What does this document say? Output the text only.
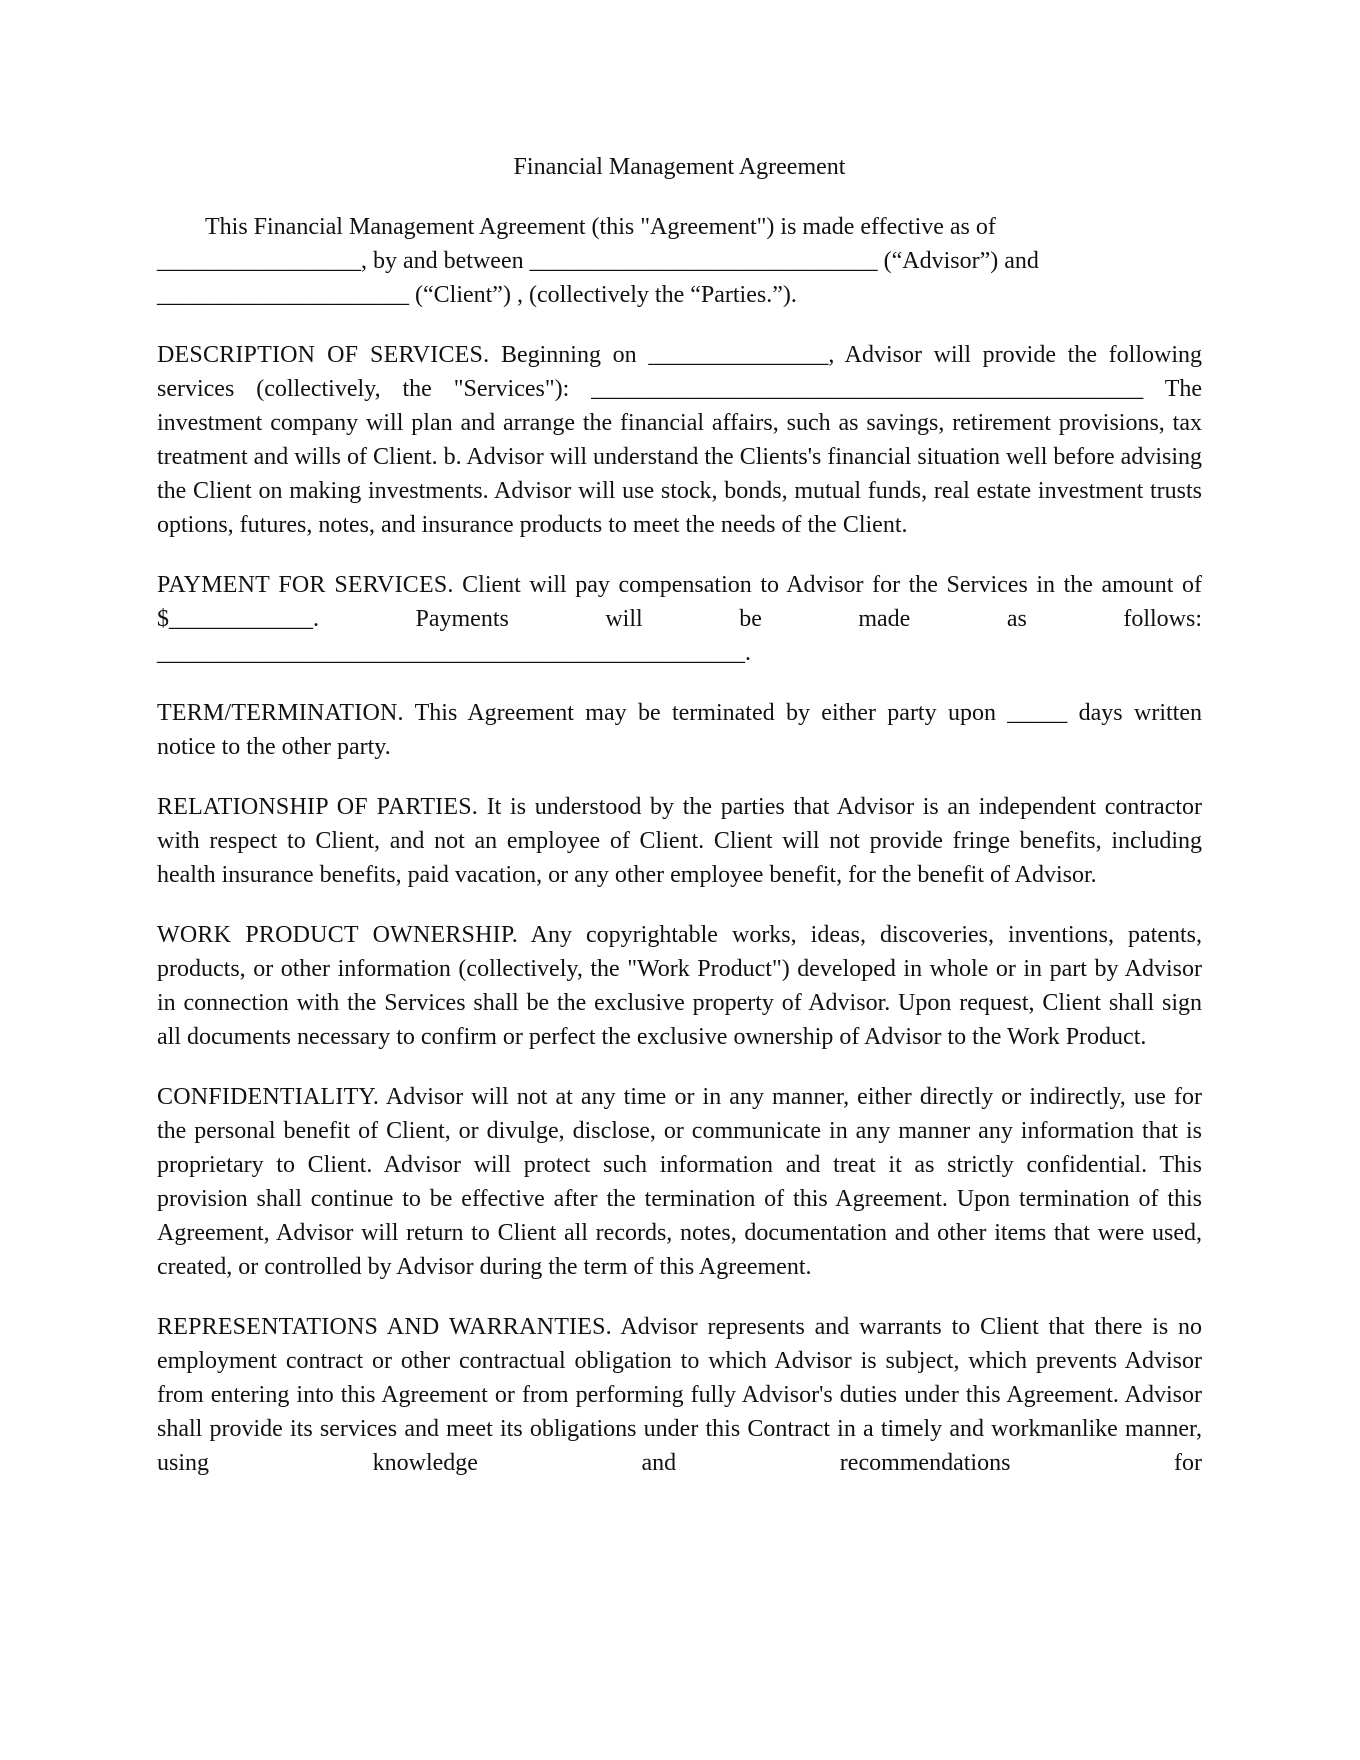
Financial Management Agreement

This Financial Management Agreement (this "Agreement") is made effective as of _________________, by and between _____________________________ (“Advisor”) and _____________________ (“Client”) , (collectively the “Parties.”).

DESCRIPTION OF SERVICES. Beginning on _______________, Advisor will provide the following services (collectively, the "Services"): ______________________________________________ The investment company will plan and arrange the financial affairs, such as savings, retirement provisions, tax treatment and wills of Client. b. Advisor will understand the Clients's financial situation well before advising the Client on making investments. Advisor will use stock, bonds, mutual funds, real estate investment trusts options, futures, notes, and insurance products to meet the needs of the Client.

PAYMENT FOR SERVICES. Client will pay compensation to Advisor for the Services in the amount of $____________. Payments will be made as follows: _________________________________________________.

TERM/TERMINATION. This Agreement may be terminated by either party upon _____ days written notice to the other party.

RELATIONSHIP OF PARTIES. It is understood by the parties that Advisor is an independent contractor with respect to Client, and not an employee of Client. Client will not provide fringe benefits, including health insurance benefits, paid vacation, or any other employee benefit, for the benefit of Advisor.

WORK PRODUCT OWNERSHIP. Any copyrightable works, ideas, discoveries, inventions, patents, products, or other information (collectively, the "Work Product") developed in whole or in part by Advisor in connection with the Services shall be the exclusive property of Advisor. Upon request, Client shall sign all documents necessary to confirm or perfect the exclusive ownership of Advisor to the Work Product.

CONFIDENTIALITY. Advisor will not at any time or in any manner, either directly or indirectly, use for the personal benefit of Client, or divulge, disclose, or communicate in any manner any information that is proprietary to Client. Advisor will protect such information and treat it as strictly confidential. This provision shall continue to be effective after the termination of this Agreement. Upon termination of this Agreement, Advisor will return to Client all records, notes, documentation and other items that were used, created, or controlled by Advisor during the term of this Agreement.

REPRESENTATIONS AND WARRANTIES. Advisor represents and warrants to Client that there is no employment contract or other contractual obligation to which Advisor is subject, which prevents Advisor from entering into this Agreement or from performing fully Advisor's duties under this Agreement. Advisor shall provide its services and meet its obligations under this Contract in a timely and workmanlike manner, using knowledge and recommendations for
